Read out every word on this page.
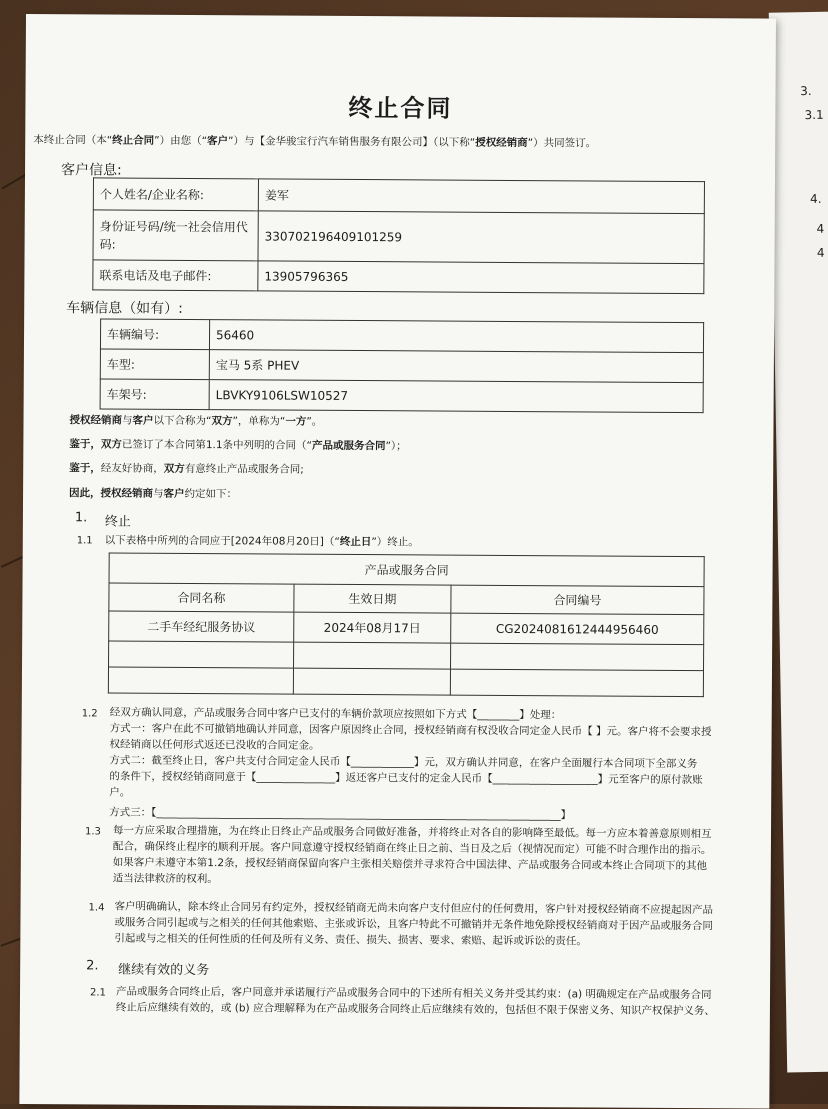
3.
3.1
4.
4
4
终止合同
本终止合同（本“终止合同”）由您（“客户”）与【金华骏宝行汽车销售服务有限公司】（以下称“授权经销商”）共同签订。
客户信息:
个人姓名/企业名称:	姜军
身份证号码/统一社会信用代码:	330702196409101259
联系电话及电子邮件:	13905796365
车辆信息（如有）:
车辆编号:	56460
车型:	宝马 5系 PHEV
车架号:	LBVKY9106LSW10527
授权经销商与客户以下合称为“双方”，单称为“一方”。
鉴于，双方已签订了本合同第1.1条中列明的合同（“产品或服务合同”）；
鉴于，经友好协商，双方有意终止产品或服务合同;
因此，授权经销商与客户约定如下：
1. 终止
1.1 以下表格中所列的合同应于[2024年08月20日]（“终止日”）终止。
产品或服务合同		
合同名称	生效日期	合同编号
二手车经纪服务协议	2024年08月17日	CG2024081612444956460

1.2 经双方确认同意，产品或服务合同中客户已支付的车辆价款项应按照如下方式【________】处理：
方式一：客户在此不可撤销地确认并同意，因客户原因终止合同，授权经销商有权没收合同定金人民币【 】元。客户将不会要求授
权经销商以任何形式返还已没收的合同定金。
方式二：截至终止日，客户共支付合同定金人民币【____________】元，双方确认并同意，在客户全面履行本合同项下全部义务
的条件下，授权经销商同意于【_______________】返还客户已支付的定金人民币【____________________】元至客户的原付款账
户。
方式三：【_____________________________________________________________________________】
1.3 每一方应采取合理措施，为在终止日终止产品或服务合同做好准备，并将终止对各自的影响降至最低。每一方应本着善意原则相互
配合，确保终止程序的顺利开展。客户同意遵守授权经销商在终止日之前、当日及之后（视情况而定）可能不时合理作出的指示。
如果客户未遵守本第1.2条，授权经销商保留向客户主张相关赔偿并寻求符合中国法律、产品或服务合同或本终止合同项下的其他
适当法律救济的权利。
1.4 客户明确确认，除本终止合同另有约定外，授权经销商无尚未向客户支付但应付的任何费用，客户针对授权经销商不应提起因产品
或服务合同引起或与之相关的任何其他索赔、主张或诉讼，且客户特此不可撤销并无条件地免除授权经销商对于因产品或服务合同
引起或与之相关的任何性质的任何及所有义务、责任、损失、损害、要求、索赔、起诉或诉讼的责任。
2. 继续有效的义务
2.1 产品或服务合同终止后，客户同意并承诺履行产品或服务合同中的下述所有相关义务并受其约束：(a) 明确规定在产品或服务合同
终止后应继续有效的，或 (b) 应合理解释为在产品或服务合同终止后应继续有效的，包括但不限于保密义务、知识产权保护义务、
